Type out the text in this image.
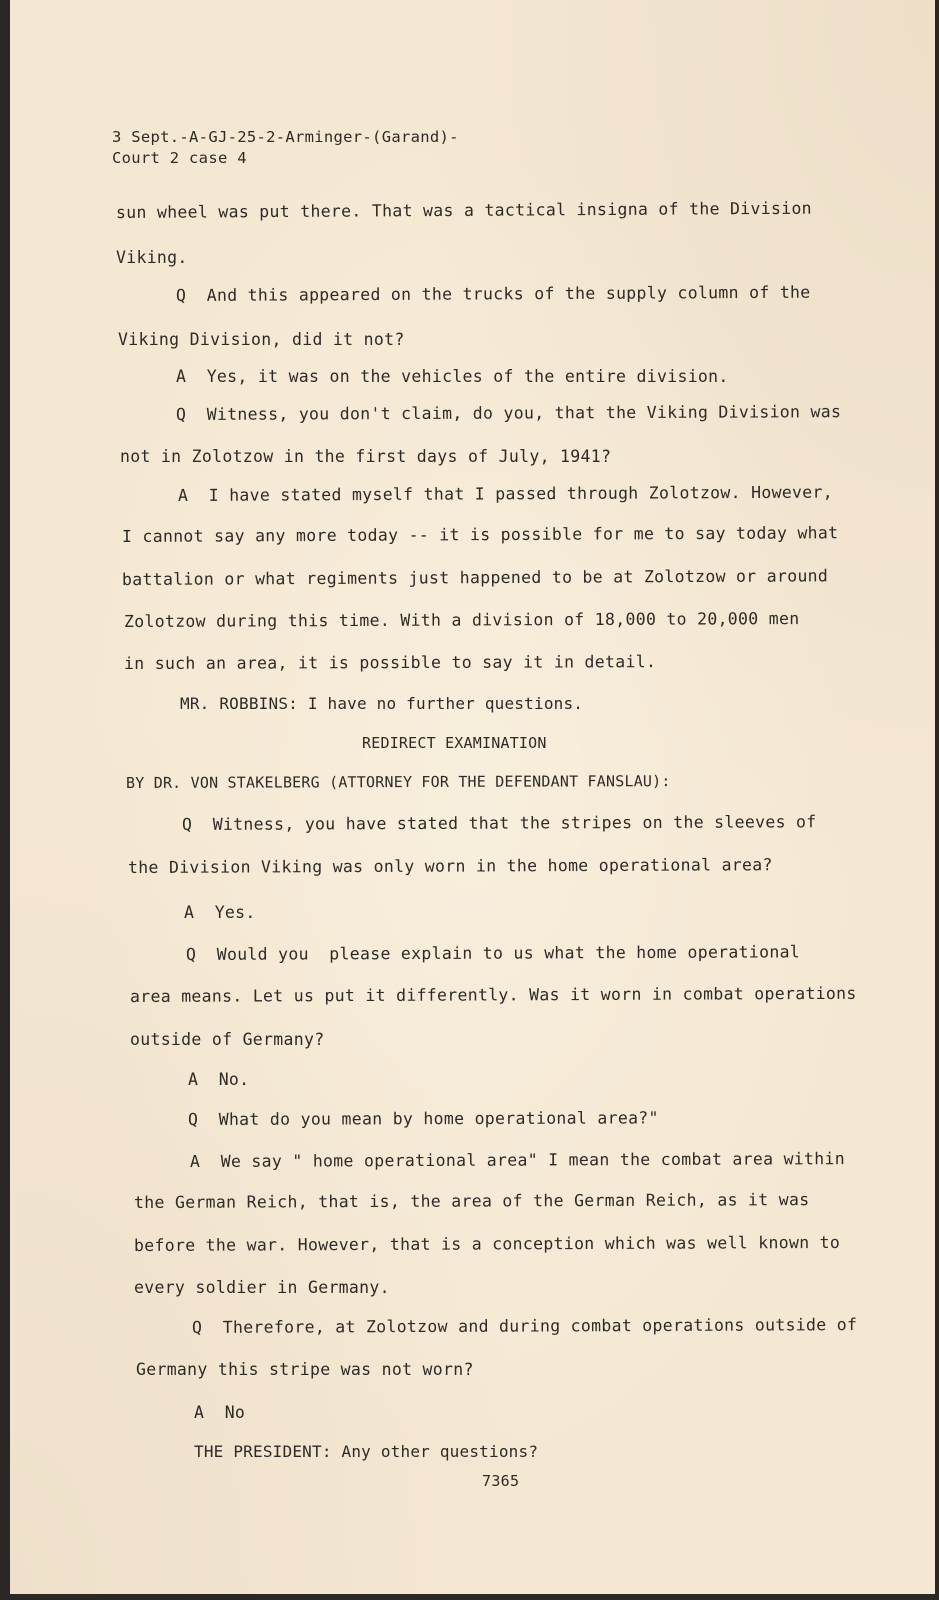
3 Sept.-A-GJ-25-2-Arminger-(Garand)-
Court 2 case 4
sun wheel was put there. That was a tactical insigna of the Division
Viking.
Q  And this appeared on the trucks of the supply column of the
Viking Division, did it not?
A  Yes, it was on the vehicles of the entire division.
Q  Witness, you don't claim, do you, that the Viking Division was
not in Zolotzow in the first days of July, 1941?
A  I have stated myself that I passed through Zolotzow. However,
I cannot say any more today -- it is possible for me to say today what
battalion or what regiments just happened to be at Zolotzow or around
Zolotzow during this time. With a division of 18,000 to 20,000 men
in such an area, it is possible to say it in detail.
MR. ROBBINS: I have no further questions.
REDIRECT EXAMINATION
BY DR. VON STAKELBERG (ATTORNEY FOR THE DEFENDANT FANSLAU):
Q  Witness, you have stated that the stripes on the sleeves of
the Division Viking was only worn in the home operational area?
A  Yes.
Q  Would you  please explain to us what the home operational
area means. Let us put it differently. Was it worn in combat operations
outside of Germany?
A  No.
Q  What do you mean by home operational area?"
A  We say " home operational area" I mean the combat area within
the German Reich, that is, the area of the German Reich, as it was
before the war. However, that is a conception which was well known to
every soldier in Germany.
Q  Therefore, at Zolotzow and during combat operations outside of
Germany this stripe was not worn?
A  No
THE PRESIDENT: Any other questions?
7365
